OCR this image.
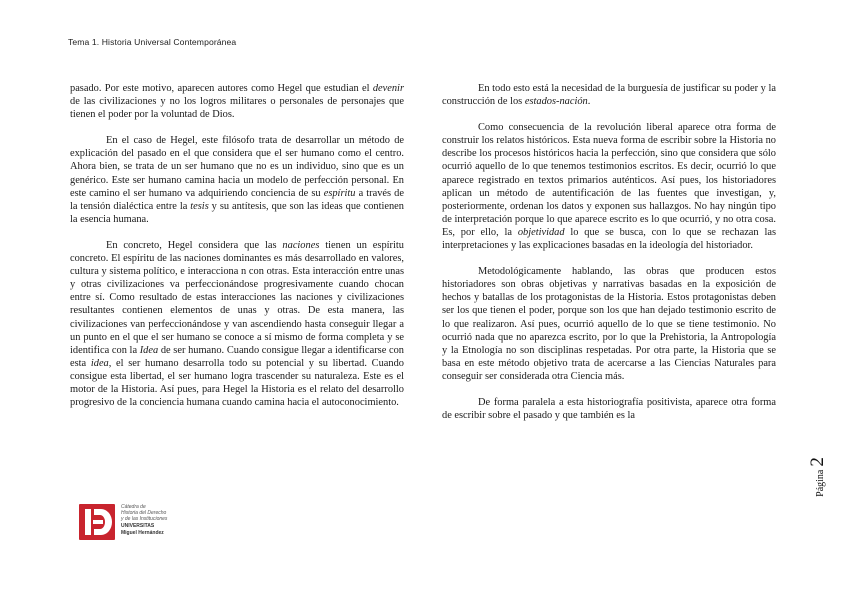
Tema 1. Historia Universal Contemporánea

pasado. Por este motivo, aparecen autores como Hegel que estudian el devenir de las civilizaciones y no los logros militares o personales de personajes que tienen el poder por la voluntad de Dios.

En el caso de Hegel, este filósofo trata de desarrollar un método de explicación del pasado en el que considera que el ser humano como el centro. Ahora bien, se trata de un ser humano que no es un individuo, sino que es un genérico. Este ser humano camina hacia un modelo de perfección personal. En este camino el ser humano va adquiriendo conciencia de su espíritu a través de la tensión dialéctica entre la tesis y su antítesis, que son las ideas que contienen la esencia humana.

En concreto, Hegel considera que las naciones tienen un espíritu concreto. El espíritu de las naciones dominantes es más desarrollado en valores, cultura y sistema político, e interacciona n con otras. Esta interacción entre unas y otras civilizaciones va perfeccionándose progresivamente cuando chocan entre sí. Como resultado de estas interacciones las naciones y civilizaciones resultantes contienen elementos de unas y otras. De esta manera, las civilizaciones van perfeccionándose y van ascendiendo hasta conseguir llegar a un punto en el que el ser humano se conoce a sí mismo de forma completa y se identifica con la Idea de ser humano. Cuando consigue llegar a identificarse con esta idea, el ser humano desarrolla todo su potencial y su libertad. Cuando consigue esta libertad, el ser humano logra trascender su naturaleza. Este es el motor de la Historia. Así pues, para Hegel la Historia es el relato del desarrollo progresivo de la conciencia humana cuando camina hacia el autoconocimiento.

En todo esto está la necesidad de la burguesía de justificar su poder y la construcción de los estados-nación.

Como consecuencia de la revolución liberal aparece otra forma de construir los relatos históricos. Esta nueva forma de escribir sobre la Historia no describe los procesos históricos hacia la perfección, sino que considera que sólo ocurrió aquello de lo que tenemos testimonios escritos. Es decir, ocurrió lo que aparece registrado en textos primarios auténticos. Así pues, los historiadores aplican un método de autentificación de las fuentes que investigan, y, posteriormente, ordenan los datos y exponen sus hallazgos. No hay ningún tipo de interpretación porque lo que aparece escrito es lo que ocurrió, y no otra cosa. Es, por ello, la objetividad lo que se busca, con lo que se rechazan las interpretaciones y las explicaciones basadas en la ideología del historiador.

Metodológicamente hablando, las obras que producen estos historiadores son obras objetivas y narrativas basadas en la exposición de hechos y batallas de los protagonistas de la Historia. Estos protagonistas deben ser los que tienen el poder, porque son los que han dejado testimonio escrito de lo que realizaron. Así pues, ocurrió aquello de lo que se tiene testimonio. No ocurrió nada que no aparezca escrito, por lo que la Prehistoria, la Antropología y la Etnología no son disciplinas respetadas. Por otra parte, la Historia que se basa en este método objetivo trata de acercarse a las Ciencias Naturales para conseguir ser considerada otra Ciencia más.

De forma paralela a esta historiografía positivista, aparece otra forma de escribir sobre el pasado y que también es la

Página2
Cátedra de
Historia del Derecho
y de las Instituciones
UNIVERSITAS
Miguel Hernández
